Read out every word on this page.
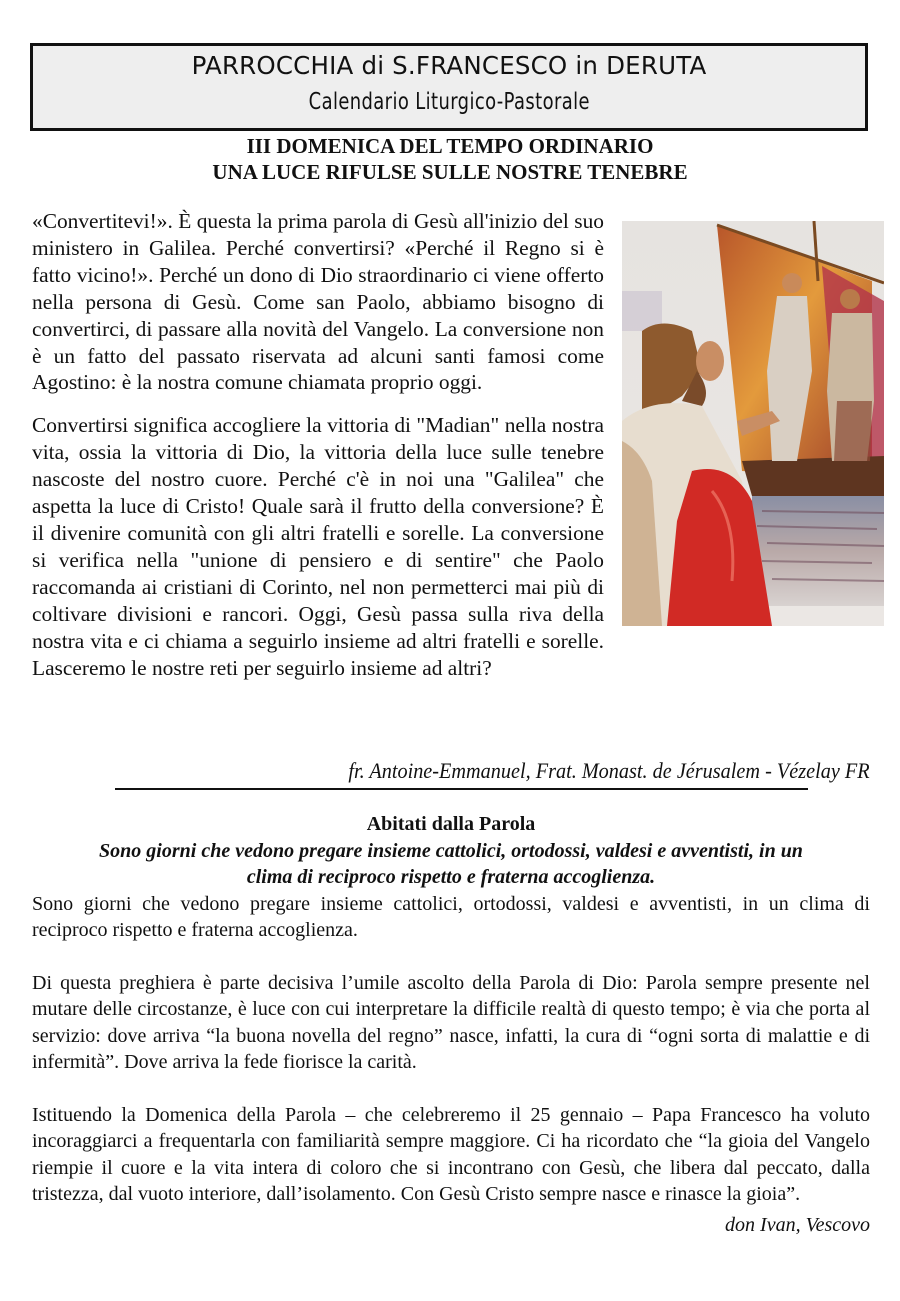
PARROCCHIA di S.FRANCESCO in DERUTA
Calendario Liturgico-Pastorale
III DOMENICA DEL TEMPO ORDINARIO
UNA LUCE RIFULSE SULLE NOSTRE TENEBRE

«Convertitevi!». È questa la prima parola di Gesù all'inizio del suo ministero in Galilea. Perché convertirsi? «Perché il Regno si è fatto vicino!». Perché un dono di Dio straordinario ci viene offerto nella persona di Gesù. Come san Paolo, abbiamo bisogno di convertirci, di passare alla novità del Vangelo. La conversione non è un fatto del passato riservata ad alcuni santi famosi come Agostino: è la nostra comune chiamata proprio oggi.

Convertirsi significa accogliere la vittoria di "Madian" nella nostra vita, ossia la vittoria di Dio, la vittoria della luce sulle tenebre nascoste del nostro cuore. Perché c'è in noi una "Galilea" che aspetta la luce di Cristo! Quale sarà il frutto della conversione? È il divenire comunità con gli altri fratelli e sorelle. La conversione si verifica nella "unione di pensiero e di sentire" che Paolo raccomanda ai cristiani di Corinto, nel non permetterci mai più di coltivare divisioni e rancori. Oggi, Gesù passa sulla riva della nostra vita e ci chiama a seguirlo insieme ad altri fratelli e sorelle. Lasceremo le nostre reti per seguirlo insieme ad altri?

fr. Antoine-Emmanuel, Frat. Monast. de Jérusalem - Vézelay FR
Abitati dalla Parola
Sono giorni che vedono pregare insieme cattolici, ortodossi, valdesi e avventisti, in un
clima di reciproco rispetto e fraterna accoglienza.

Sono giorni che vedono pregare insieme cattolici, ortodossi, valdesi e avventisti, in un clima di reciproco rispetto e fraterna accoglienza.

Di questa preghiera è parte decisiva l’umile ascolto della Parola di Dio: Parola sempre presente nel mutare delle circostanze, è luce con cui interpretare la difficile realtà di questo tempo; è via che porta al servizio: dove arriva “la buona novella del regno” nasce, infatti, la cura di “ogni sorta di malattie e di infermità”. Dove arriva la fede fiorisce la carità.

Istituendo la Domenica della Parola – che celebreremo il 25 gennaio – Papa Francesco ha voluto incoraggiarci a frequentarla con familiarità sempre maggiore. Ci ha ricordato che “la gioia del Vangelo riempie il cuore e la vita intera di coloro che si incontrano con Gesù, che libera dal peccato, dalla tristezza, dal vuoto interiore, dall’isolamento. Con Gesù Cristo sempre nasce e rinasce la gioia”.

don Ivan, Vescovo
